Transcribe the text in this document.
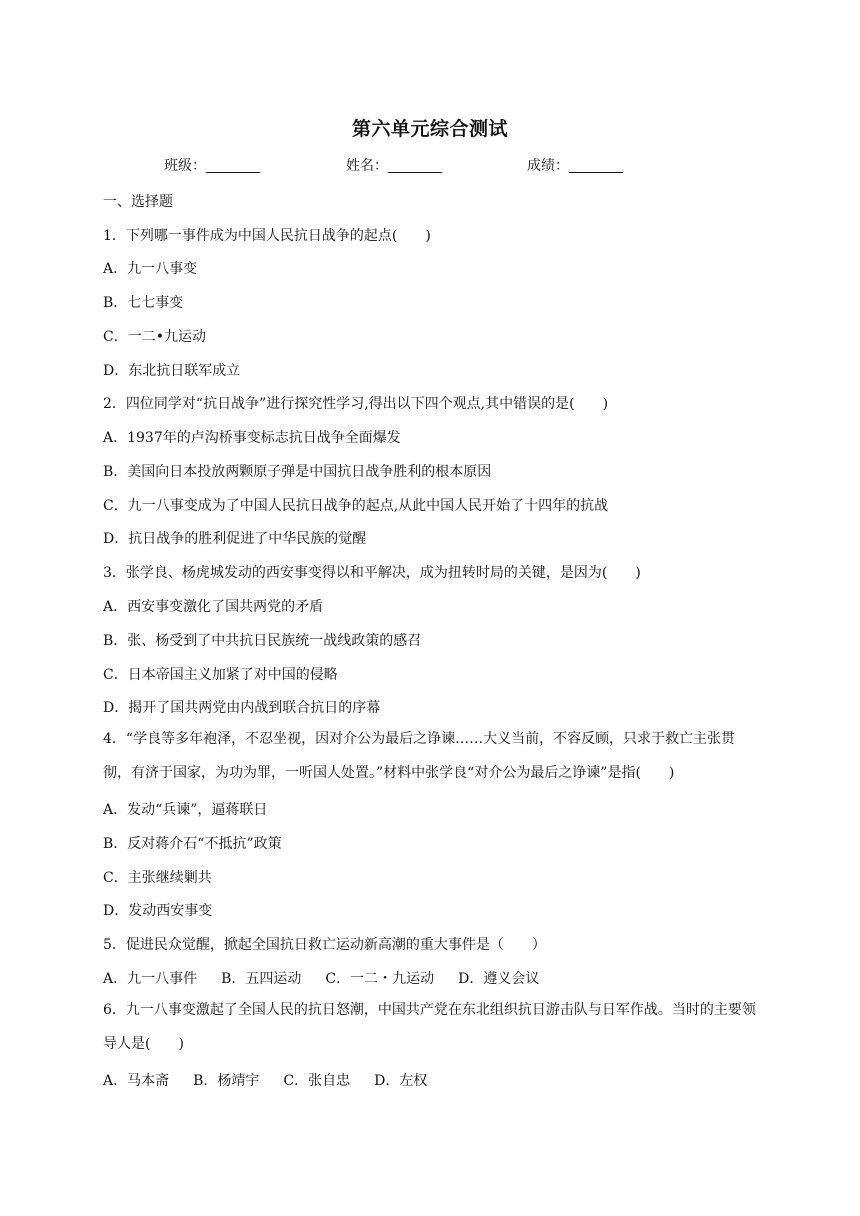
第六单元综合测试
班级：	姓名：	成绩：
一、选择题
1．下列哪一事件成为中国人民抗日战争的起点(　　)
A．九一八事变
B．七七事变
C．一二•九运动
D．东北抗日联军成立
2．四位同学对“抗日战争”进行探究性学习,得出以下四个观点,其中错误的是(　　)
A．1937年的卢沟桥事变标志抗日战争全面爆发
B．美国向日本投放两颗原子弹是中国抗日战争胜利的根本原因
C．九一八事变成为了中国人民抗日战争的起点,从此中国人民开始了十四年的抗战
D．抗日战争的胜利促进了中华民族的觉醒
3．张学良、杨虎城发动的西安事变得以和平解决，成为扭转时局的关键，是因为(　　)
A．西安事变激化了国共两党的矛盾
B．张、杨受到了中共抗日民族统一战线政策的感召
C．日本帝国主义加紧了对中国的侵略
D．揭开了国共两党由内战到联合抗日的序幕
4．“学良等多年袍泽，不忍坐视，因对介公为最后之诤谏……大义当前，不容反顾，只求于救亡主张贯彻，有济于国家，为功为罪，一听国人处置。”材料中张学良“对介公为最后之诤谏”是指(　　)
A．发动“兵谏”，逼蒋联日
B．反对蒋介石“不抵抗”政策
C．主张继续剿共
D．发动西安事变
5．促进民众觉醒，掀起全国抗日救亡运动新高潮的重大事件是（　　）
A．九一八事件 B．五四运动 C．一二・九运动 D．遵义会议
6．九一八事变激起了全国人民的抗日怒潮，中国共产党在东北组织抗日游击队与日军作战。当时的主要领导人是(　　)
A．马本斋 B．杨靖宇 C．张自忠 D．左权
